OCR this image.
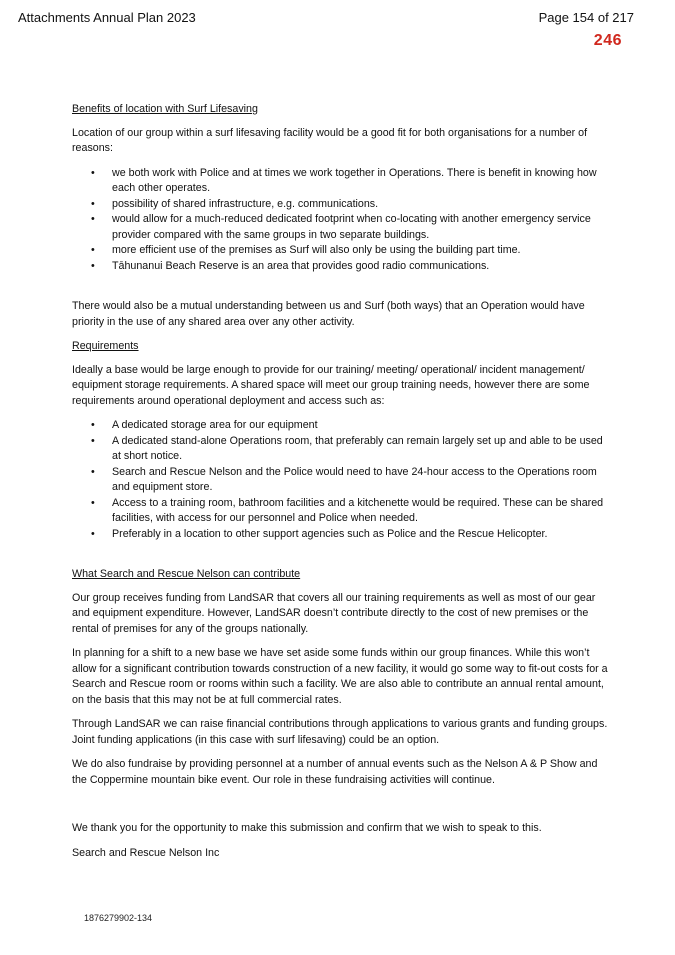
Attachments Annual Plan 2023	Page 154 of 217
246
Benefits of location with Surf Lifesaving

Location of our group within a surf lifesaving facility would be a good fit for both organisations for a number of reasons:

• we both work with Police and at times we work together in Operations. There is benefit in knowing how each other operates.
• possibility of shared infrastructure, e.g. communications.
• would allow for a much-reduced dedicated footprint when co-locating with another emergency service provider compared with the same groups in two separate buildings.
• more efficient use of the premises as Surf will also only be using the building part time.
• Tāhunanui Beach Reserve is an area that provides good radio communications.

There would also be a mutual understanding between us and Surf (both ways) that an Operation would have priority in the use of any shared area over any other activity.

Requirements

Ideally a base would be large enough to provide for our training/ meeting/ operational/ incident management/ equipment storage requirements. A shared space will meet our group training needs, however there are some requirements around operational deployment and access such as:

• A dedicated storage area for our equipment
• A dedicated stand-alone Operations room, that preferably can remain largely set up and able to be used at short notice.
• Search and Rescue Nelson and the Police would need to have 24-hour access to the Operations room and equipment store.
• Access to a training room, bathroom facilities and a kitchenette would be required. These can be shared facilities, with access for our personnel and Police when needed.
• Preferably in a location to other support agencies such as Police and the Rescue Helicopter.
What Search and Rescue Nelson can contribute

Our group receives funding from LandSAR that covers all our training requirements as well as most of our gear and equipment expenditure. However, LandSAR doesn’t contribute directly to the cost of new premises or the rental of premises for any of the groups nationally.

In planning for a shift to a new base we have set aside some funds within our group finances. While this won’t allow for a significant contribution towards construction of a new facility, it would go some way to fit-out costs for a Search and Rescue room or rooms within such a facility. We are also able to contribute an annual rental amount, on the basis that this may not be at full commercial rates.

Through LandSAR we can raise financial contributions through applications to various grants and funding groups. Joint funding applications (in this case with surf lifesaving) could be an option.

We do also fundraise by providing personnel at a number of annual events such as the Nelson A & P Show and the Coppermine mountain bike event. Our role in these fundraising activities will continue.

We thank you for the opportunity to make this submission and confirm that we wish to speak to this.

Search and Rescue Nelson Inc

1876279902-134
